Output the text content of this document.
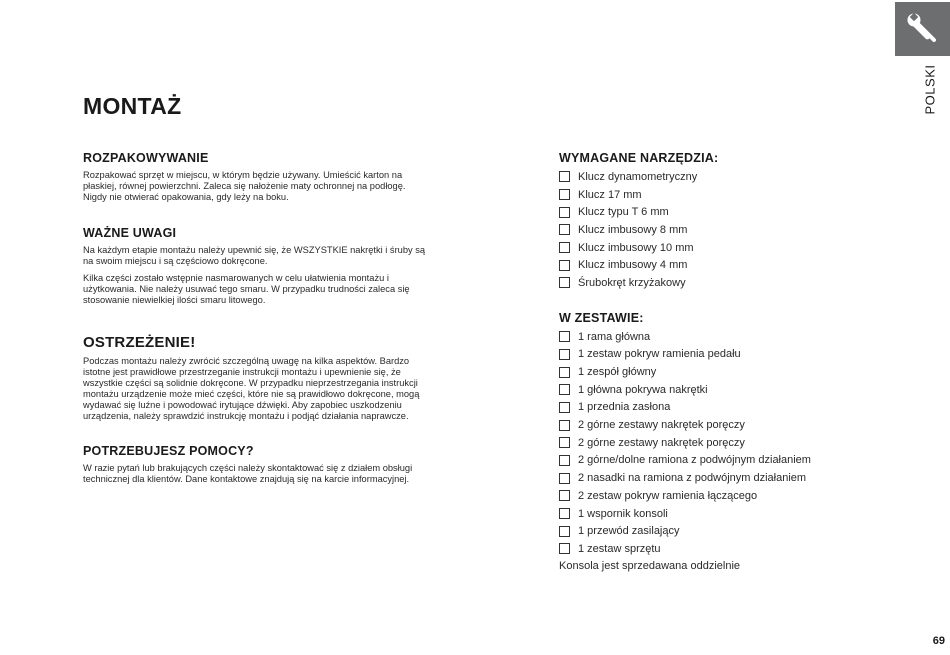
POLSKI
MONTAŻ
ROZPAKOWYWANIE

Rozpakować sprzęt w miejscu, w którym będzie używany. Umieścić karton na płaskiej, równej powierzchni. Zaleca się nałożenie maty ochronnej na podłogę. Nigdy nie otwierać opakowania, gdy leży na boku.

WAŻNE UWAGI

Na każdym etapie montażu należy upewnić się, że WSZYSTKIE nakrętki i śruby są na swoim miejscu i są częściowo dokręcone.

Kilka części zostało wstępnie nasmarowanych w celu ułatwienia montażu i użytkowania. Nie należy usuwać tego smaru. W przypadku trudności zaleca się stosowanie niewielkiej ilości smaru litowego.

OSTRZEŻENIE!

Podczas montażu należy zwrócić szczególną uwagę na kilka aspektów. Bardzo istotne jest prawidłowe przestrzeganie instrukcji montażu i upewnienie się, że wszystkie części są solidnie dokręcone. W przypadku nieprzestrzegania instrukcji montażu urządzenie może mieć części, które nie są prawidłowo dokręcone, mogą wydawać się luźne i powodować irytujące dźwięki. Aby zapobiec uszkodzeniu urządzenia, należy sprawdzić instrukcję montażu i podjąć działania naprawcze.

POTRZEBUJESZ POMOCY?

W razie pytań lub brakujących części należy skontaktować się z działem obsługi technicznej dla klientów. Dane kontaktowe znajdują się na karcie informacyjnej.

WYMAGANE NARZĘDZIA:
Klucz dynamometryczny
Klucz 17 mm
Klucz typu T 6 mm
Klucz imbusowy 8 mm
Klucz imbusowy 10 mm
Klucz imbusowy 4 mm
Śrubokręt krzyżakowy
W ZESTAWIE:
1 rama główna
1 zestaw pokryw ramienia pedału
1 zespół główny
1 główna pokrywa nakrętki
1 przednia zasłona
2 górne zestawy nakrętek poręczy
2 górne zestawy nakrętek poręczy
2 górne/dolne ramiona z podwójnym działaniem
2 nasadki na ramiona z podwójnym działaniem
2 zestaw pokryw ramienia łączącego
1 wspornik konsoli
1 przewód zasilający
1 zestaw sprzętu
Konsola jest sprzedawana oddzielnie
69
